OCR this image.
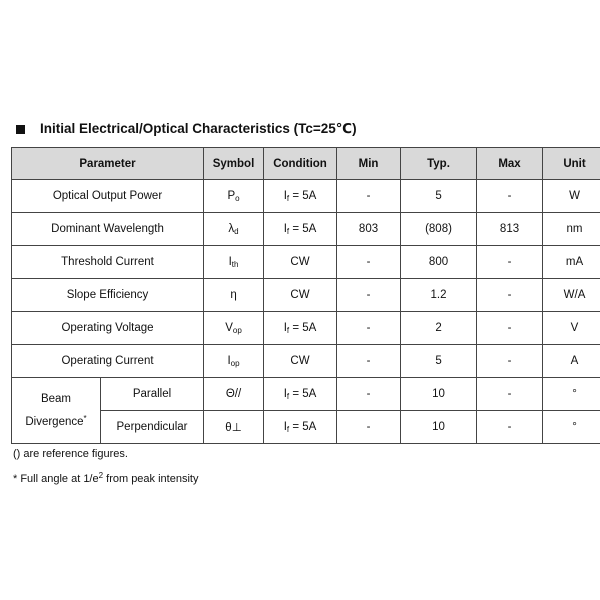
Initial Electrical/Optical Characteristics (Tc=25℃)
Parameter		Symbol	Condition	Min	Typ.	Max	Unit
Optical Output Power		$P_o$	$I_f = 5A$	-	5	-	W
Dominant Wavelength		$\lambda_d$	$I_f = 5A$	803	(808)	813	nm
Threshold Current		$I_{th}$	CW	-	800	-	mA
Slope Efficiency		η	CW	-	1.2	-	W/A
Operating Voltage		$V_{op}$	$I_f = 5A$	-	2	-	V
Operating Current		$I_{op}$	CW	-	5	-	A
Beam
Divergence*	Parallel	Θ//	$I_f = 5A$	-	10	-	°
	Perpendicular	θ⊥	$I_f = 5A$	-	10	-	°
() are reference figures.
* Full angle at $1/e^2$ from peak intensity
